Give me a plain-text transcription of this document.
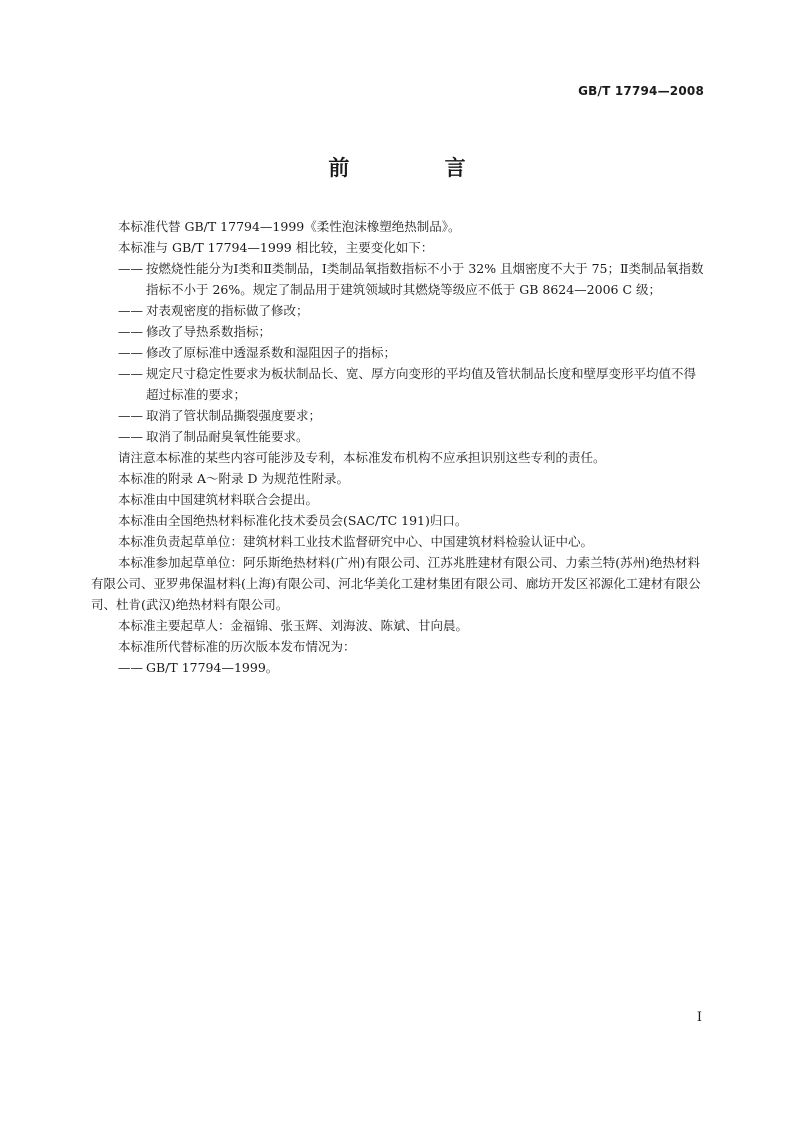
GB/T 17794—2008
前 言

本标准代替 GB/T 17794—1999《柔性泡沫橡塑绝热制品》。

本标准与 GB/T 17794—1999 相比较，主要变化如下：

—— 按燃烧性能分为Ⅰ类和Ⅱ类制品，Ⅰ类制品氧指数指标不小于 32% 且烟密度不大于 75；Ⅱ类制品氧指数指标不小于 26%。规定了制品用于建筑领域时其燃烧等级应不低于 GB 8624—2006 C 级；

—— 对表观密度的指标做了修改；

—— 修改了导热系数指标；

—— 修改了原标准中透湿系数和湿阻因子的指标；

—— 规定尺寸稳定性要求为板状制品长、宽、厚方向变形的平均值及管状制品长度和壁厚变形平均值不得超过标准的要求；

—— 取消了管状制品撕裂强度要求；

—— 取消了制品耐臭氧性能要求。

请注意本标准的某些内容可能涉及专利，本标准发布机构不应承担识别这些专利的责任。

本标准的附录 A～附录 D 为规范性附录。

本标准由中国建筑材料联合会提出。

本标准由全国绝热材料标准化技术委员会(SAC/TC 191)归口。

本标准负责起草单位：建筑材料工业技术监督研究中心、中国建筑材料检验认证中心。

本标准参加起草单位：阿乐斯绝热材料(广州)有限公司、江苏兆胜建材有限公司、力索兰特(苏州)绝热材料有限公司、亚罗弗保温材料(上海)有限公司、河北华美化工建材集团有限公司、廊坊开发区祁源化工建材有限公司、杜肯(武汉)绝热材料有限公司。

本标准主要起草人：金福锦、张玉辉、刘海波、陈斌、甘向晨。

本标准所代替标准的历次版本发布情况为：

—— GB/T 17794—1999。

Ⅰ
